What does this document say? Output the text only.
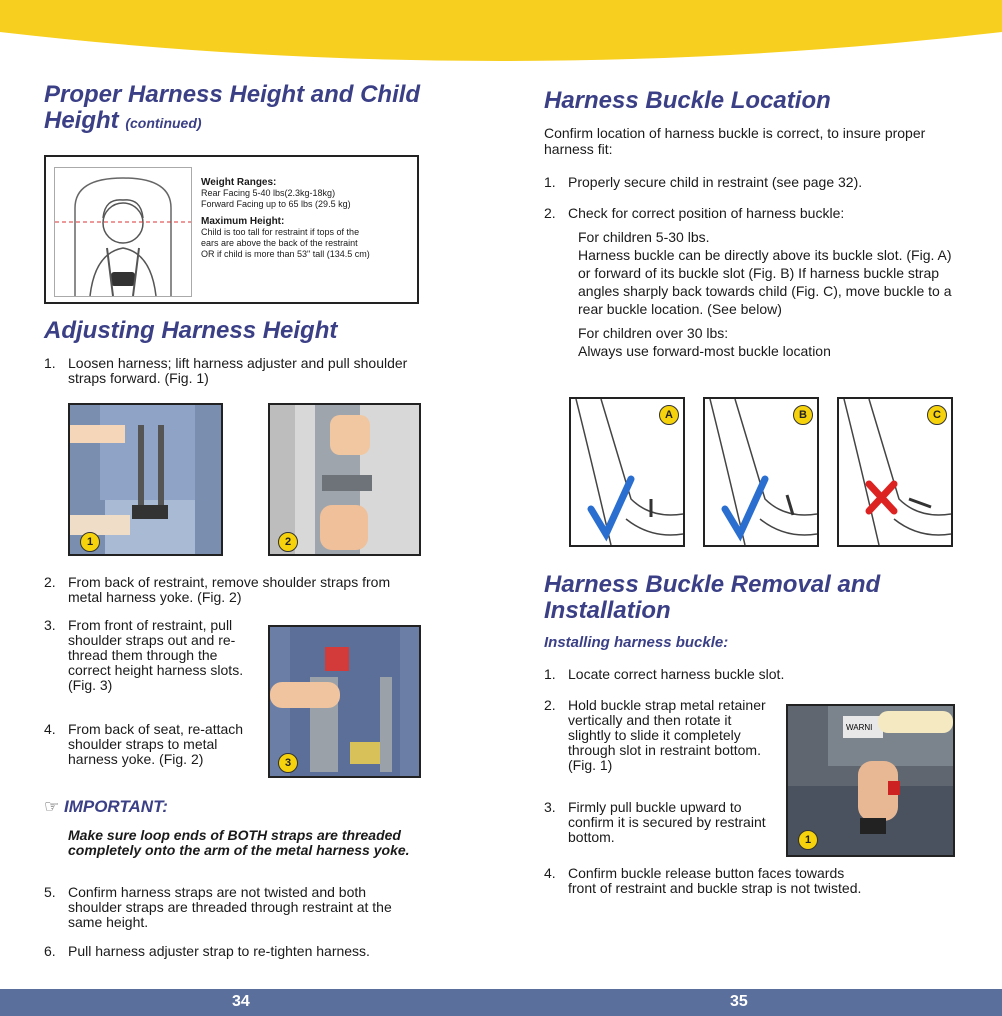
Proper Harness Height and Child Height (continued)
Weight Ranges:
Rear Facing 5-40 lbs(2.3kg-18kg)
Forward Facing up to 65 lbs (29.5 kg)
Maximum Height:
Child is too tall for restraint if tops of the
ears are above the back of the restraint
OR if child is more than 53" tall (134.5 cm)
Adjusting Harness Height
1. Loosen harness; lift harness adjuster and pull shoulder straps forward. (Fig. 1)
1	2
2. From back of restraint, remove shoulder straps from metal harness yoke. (Fig. 2)
3. From front of restraint, pull shoulder straps out and re-thread them through the correct height harness slots. (Fig. 3)
4. From back of seat, re-attach shoulder straps to metal harness yoke. (Fig. 2)	3
☞ IMPORTANT:
Make sure loop ends of BOTH straps are threaded completely onto the arm of the metal harness yoke.
5. Confirm harness straps are not twisted and both shoulder straps are threaded through restraint at the same height.
6. Pull harness adjuster strap to re-tighten harness.
Harness Buckle Location
Confirm location of harness buckle is correct, to insure proper harness fit:
1. Properly secure child in restraint (see page 32).
2. Check for correct position of harness buckle:
For children 5-30 lbs.
Harness buckle can be directly above its buckle slot. (Fig. A) or forward of its buckle slot (Fig. B) If harness buckle strap angles sharply back towards child (Fig. C), move buckle to a rear buckle location. (See below)
For children over 30 lbs:
Always use forward-most buckle location
A	B	C
Harness Buckle Removal and Installation
Installing harness buckle:
1. Locate correct harness buckle slot.
2. Hold buckle strap metal retainer vertically and then rotate it slightly to slide it completely through slot in restraint bottom. (Fig. 1)
3. Firmly pull buckle upward to confirm it is secured by restraint bottom.
4. Confirm buckle release button faces towards front of restraint and buckle strap is not twisted.
WARNI
1
34	35
